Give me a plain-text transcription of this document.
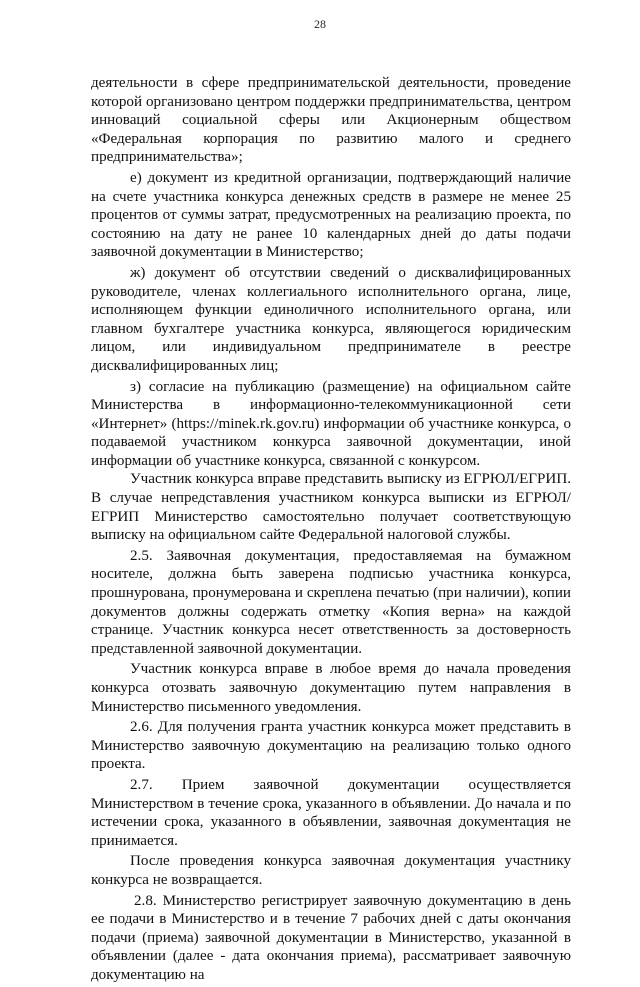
28

деятельности в сфере предпринимательской деятельности, проведение которой организовано центром поддержки предпринимательства, центром инноваций социальной сферы или Акционерным обществом «Федеральная корпорация по развитию малого и среднего предпринимательства»;

е) документ из кредитной организации, подтверждающий наличие на счете участника конкурса денежных средств в размере не менее 25 процентов от суммы затрат, предусмотренных на реализацию проекта, по состоянию на дату не ранее 10 календарных дней до даты подачи заявочной документации в Министерство;

ж) документ об отсутствии сведений о дисквалифицированных руководителе, членах коллегиального исполнительного органа, лице, исполняющем функции единоличного исполнительного органа, или главном бухгалтере участника конкурса, являющегося юридическим лицом, или индивидуальном предпринимателе в реестре дисквалифицированных лиц;

з) согласие на публикацию (размещение) на официальном сайте Министерства в информационно-телекоммуникационной сети «Интернет» (https://minek.rk.gov.ru) информации об участнике конкурса, о подаваемой участником конкурса заявочной документации, иной информации об участнике конкурса, связанной с конкурсом.

Участник конкурса вправе представить выписку из ЕГРЮЛ/ЕГРИП. В случае непредставления участником конкурса выписки из ЕГРЮЛ/ЕГРИП Министерство самостоятельно получает соответствующую выписку на официальном сайте Федеральной налоговой службы.

2.5. Заявочная документация, предоставляемая на бумажном носителе, должна быть заверена подписью участника конкурса, прошнурована, пронумерована и скреплена печатью (при наличии), копии документов должны содержать отметку «Копия верна» на каждой странице. Участник конкурса несет ответственность за достоверность представленной заявочной документации.

Участник конкурса вправе в любое время до начала проведения конкурса отозвать заявочную документацию путем направления в Министерство письменного уведомления.

2.6. Для получения гранта участник конкурса может представить в Министерство заявочную документацию на реализацию только одного проекта.

2.7. Прием заявочной документации осуществляется Министерством в течение срока, указанного в объявлении. До начала и по истечении срока, указанного в объявлении, заявочная документация не принимается.

После проведения конкурса заявочная документация участнику конкурса не возвращается.

2.8. Министерство регистрирует заявочную документацию в день ее подачи в Министерство и в течение 7 рабочих дней с даты окончания подачи (приема) заявочной документации в Министерство, указанной в объявлении (далее - дата окончания приема), рассматривает заявочную документацию на
